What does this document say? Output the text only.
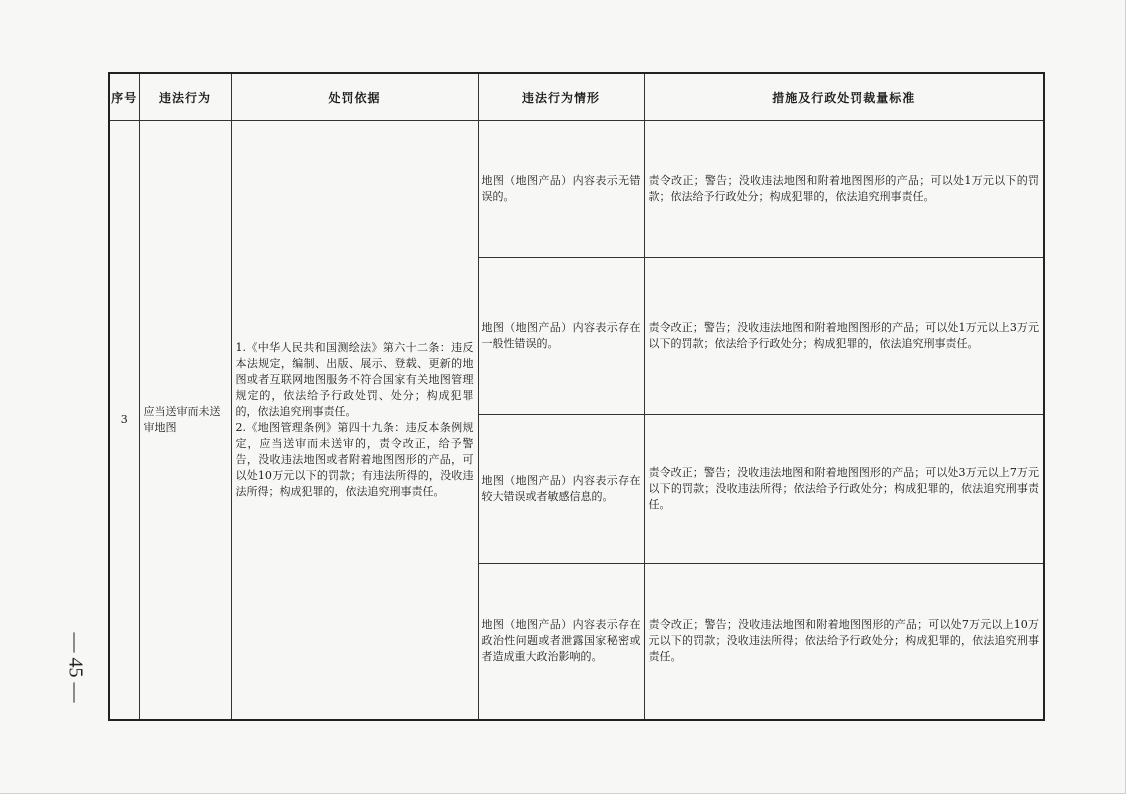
序号	违法行为	处罚依据	违法行为情形	措施及行政处罚裁量标准
3	应当送审而未送审地图	1.《中华人民共和国测绘法》第六十二条：违反本法规定，编制、出版、展示、登载、更新的地图或者互联网地图服务不符合国家有关地图管理规定的，依法给予行政处罚、处分；构成犯罪的，依法追究刑事责任。
2.《地图管理条例》第四十九条：违反本条例规定，应当送审而未送审的，责令改正，给予警告，没收违法地图或者附着地图图形的产品，可以处10万元以下的罚款；有违法所得的，没收违法所得；构成犯罪的，依法追究刑事责任。	地图（地图产品）内容表示无错误的。	责令改正；警告；没收违法地图和附着地图图形的产品；可以处1万元以下的罚款；依法给予行政处分；构成犯罪的，依法追究刑事责任。
			地图（地图产品）内容表示存在一般性错误的。	责令改正；警告；没收违法地图和附着地图图形的产品；可以处1万元以上3万元以下的罚款；依法给予行政处分；构成犯罪的，依法追究刑事责任。
			地图（地图产品）内容表示存在较大错误或者敏感信息的。	责令改正；警告；没收违法地图和附着地图图形的产品；可以处3万元以上7万元以下的罚款；没收违法所得；依法给予行政处分；构成犯罪的，依法追究刑事责任。
			地图（地图产品）内容表示存在政治性问题或者泄露国家秘密或者造成重大政治影响的。	责令改正；警告；没收违法地图和附着地图图形的产品；可以处7万元以上10万元以下的罚款；没收违法所得；依法给予行政处分；构成犯罪的，依法追究刑事责任。
— 45 —
